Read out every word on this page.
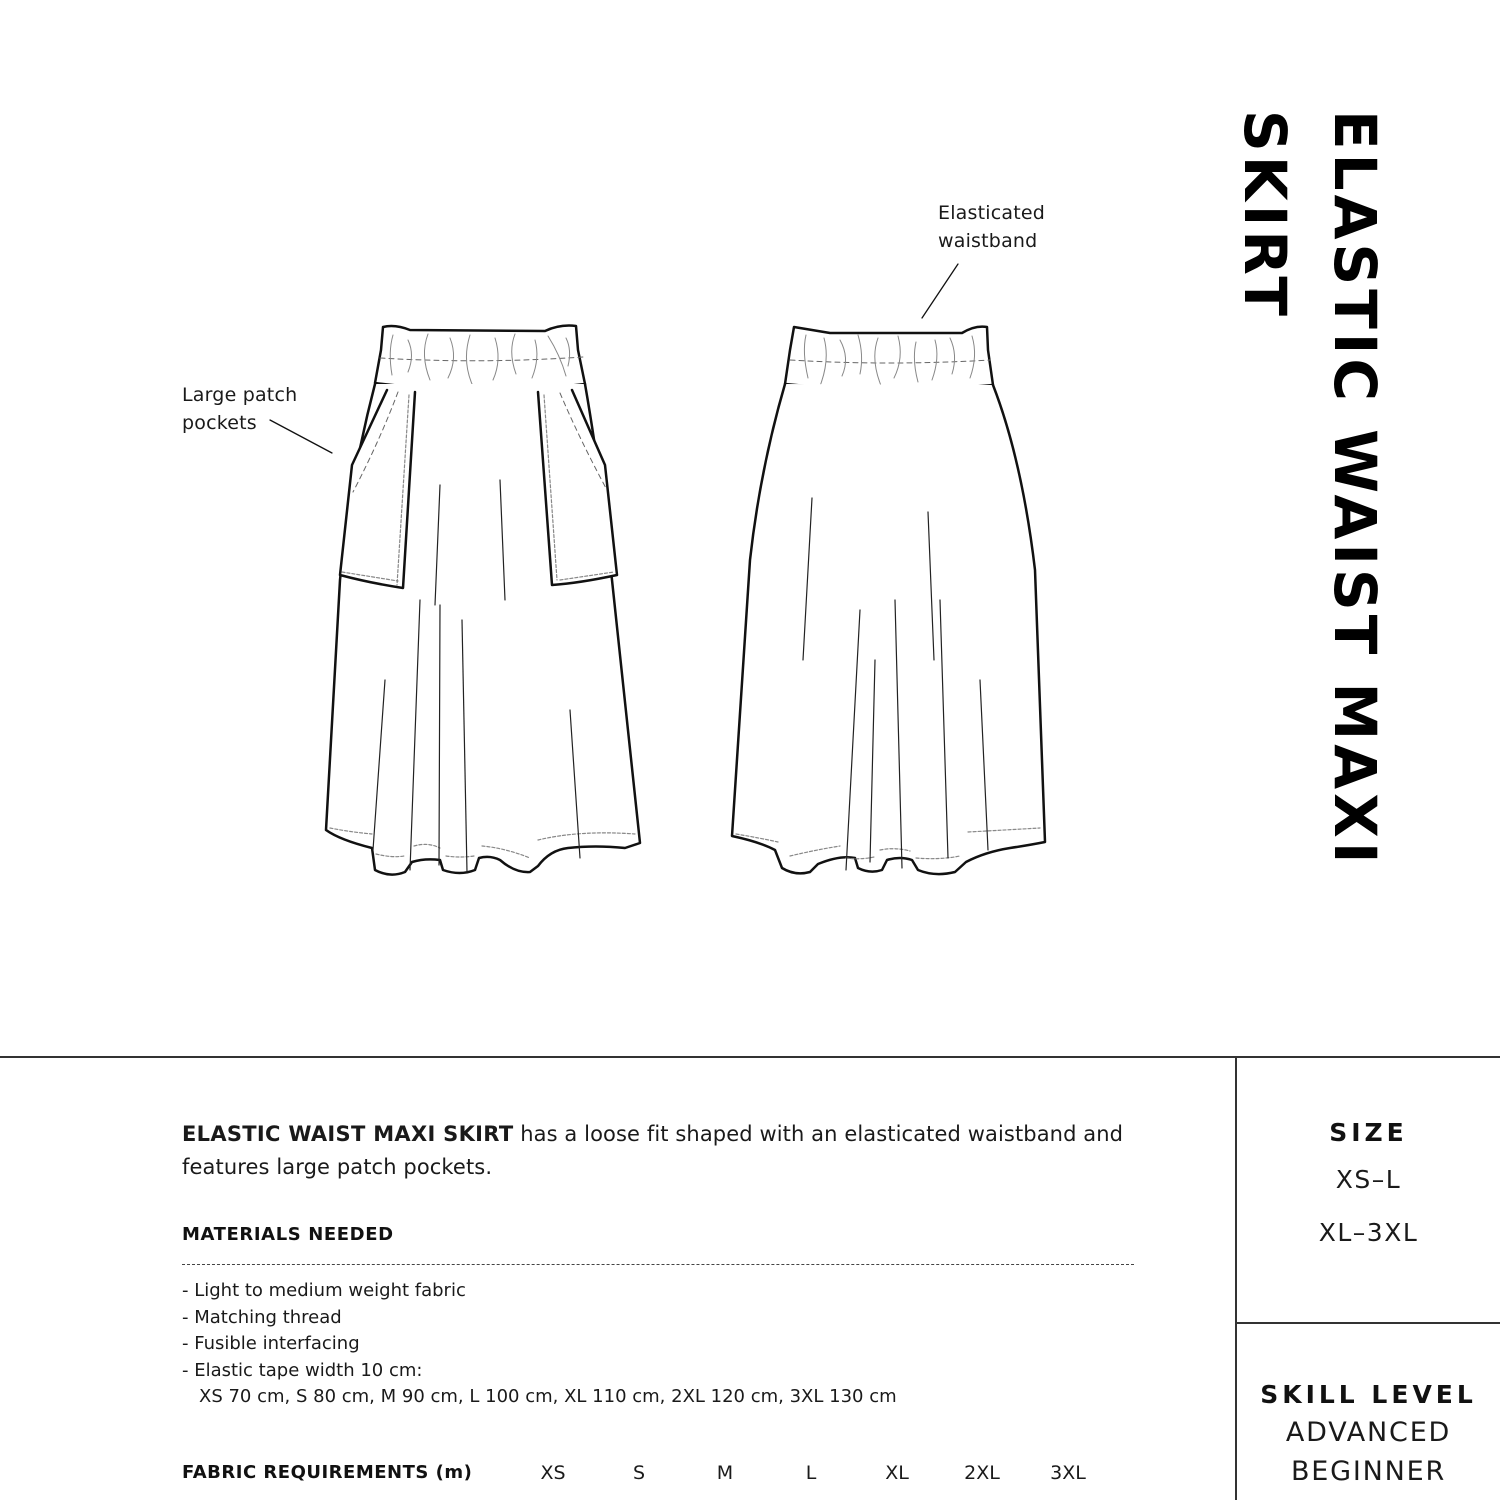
Large patch
pockets
Elasticated
waistband	ELASTIC WAIST MAXI
SKIRT

ELASTIC WAIST MAXI SKIRT has a loose fit shaped with an elasticated waistband and features large patch pockets.

MATERIALS NEEDED
- Light to medium weight fabric
- Matching thread
- Fusible interfacing
- Elastic tape width 10 cm:
XS 70 cm, S 80 cm, M 90 cm, L 100 cm, XL 110 cm, 2XL 120 cm, 3XL 130 cm
FABRIC REQUIREMENTS (m)	XS	S	M	L	XL	2XL	3XL
SIZE
XS–L
XL–3XL
SKILL LEVEL
ADVANCED
BEGINNER
